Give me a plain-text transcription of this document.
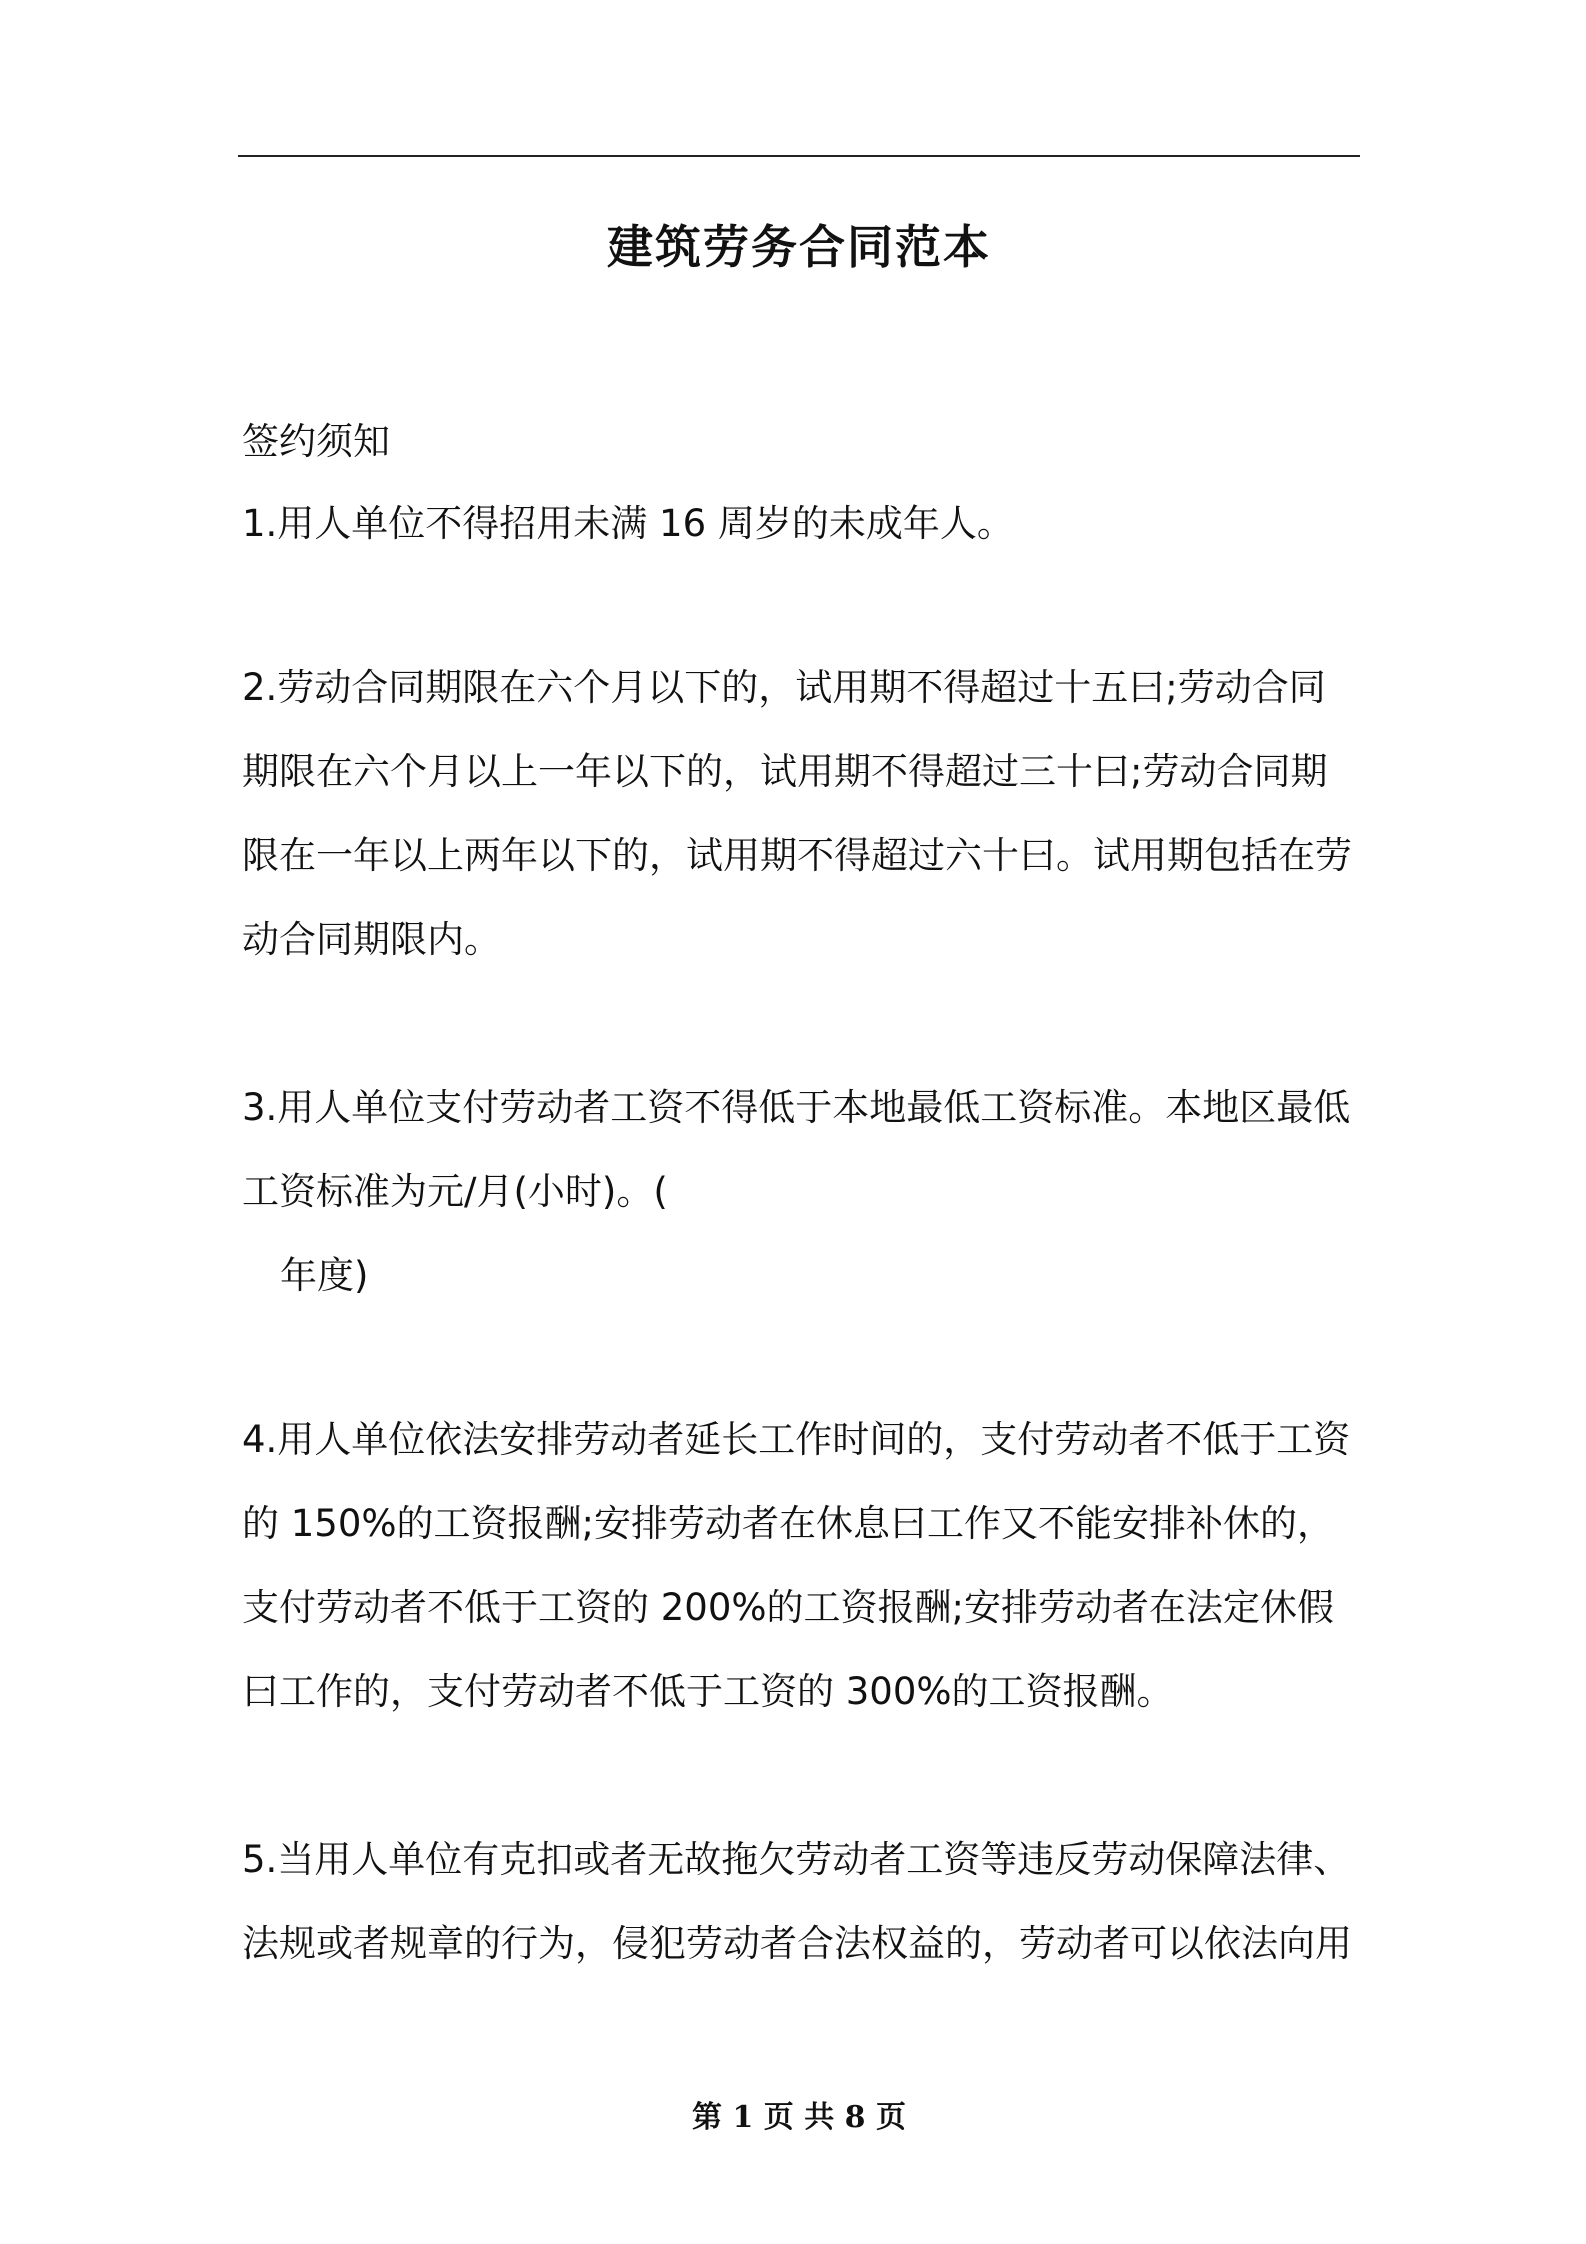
建筑劳务合同范本

签约须知

1.用人单位不得招用未满 16 周岁的未成年人。

2.劳动合同期限在六个月以下的，试用期不得超过十五曰;劳动合同
期限在六个月以上一年以下的，试用期不得超过三十曰;劳动合同期
限在一年以上两年以下的，试用期不得超过六十曰。试用期包括在劳
动合同期限内。

3.用人单位支付劳动者工资不得低于本地最低工资标准。本地区最低
工资标准为元/月(小时)。(
年度)

4.用人单位依法安排劳动者延长工作时间的，支付劳动者不低于工资
的 150%的工资报酬;安排劳动者在休息曰工作又不能安排补休的，
支付劳动者不低于工资的 200%的工资报酬;安排劳动者在法定休假
曰工作的，支付劳动者不低于工资的 300%的工资报酬。

5.当用人单位有克扣或者无故拖欠劳动者工资等违反劳动保障法律、
法规或者规章的行为，侵犯劳动者合法权益的，劳动者可以依法向用

第 1 页 共 8 页
